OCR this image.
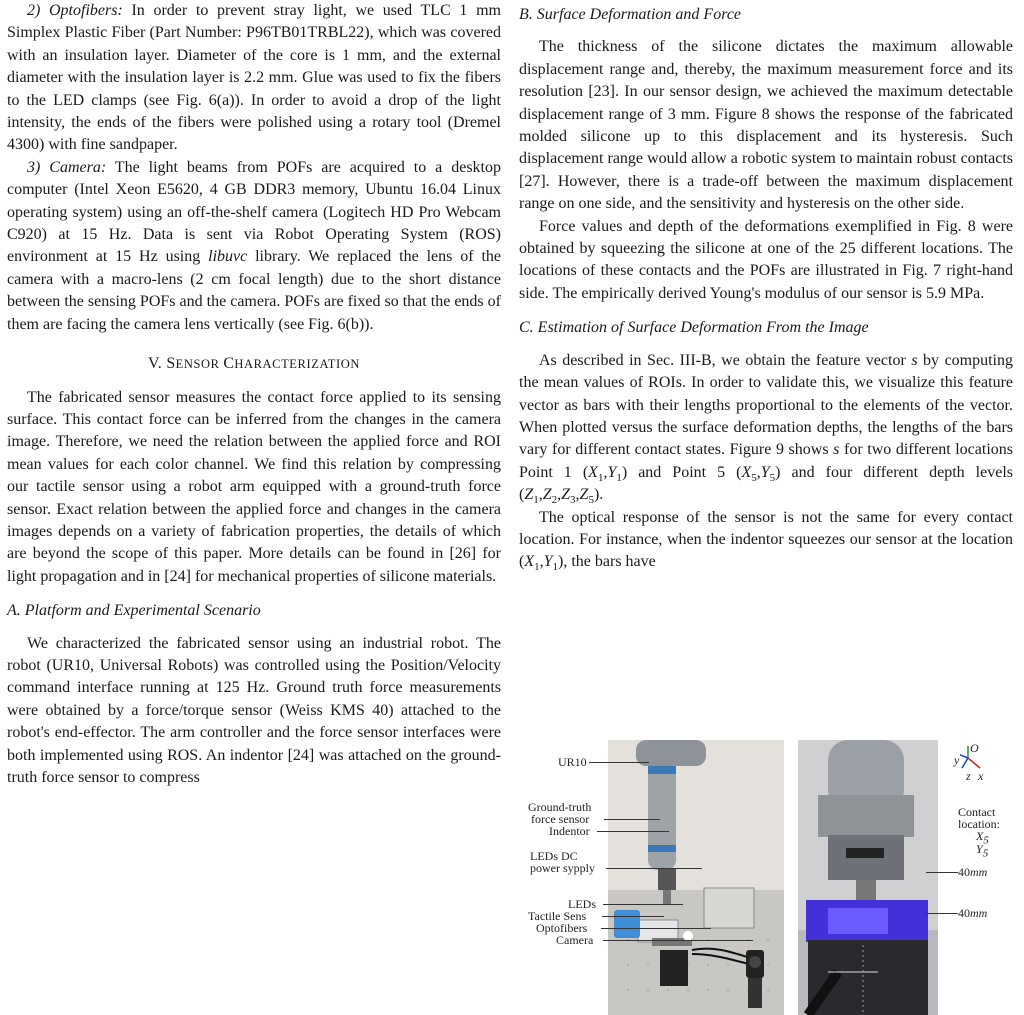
2) Optofibers: In order to prevent stray light, we used TLC 1 mm Simplex Plastic Fiber (Part Number: P96TB01TRBL22), which was covered with an insulation layer. Diameter of the core is 1 mm, and the external diameter with the insulation layer is 2.2 mm. Glue was used to fix the fibers to the LED clamps (see Fig. 6(a)). In order to avoid a drop of the light intensity, the ends of the fibers were polished using a rotary tool (Dremel 4300) with fine sandpaper.

3) Camera: The light beams from POFs are acquired to a desktop computer (Intel Xeon E5620, 4 GB DDR3 memory, Ubuntu 16.04 Linux operating system) using an off-the-shelf camera (Logitech HD Pro Webcam C920) at 15 Hz. Data is sent via Robot Operating System (ROS) environment at 15 Hz using libuvc library. We replaced the lens of the camera with a macro-lens (2 cm focal length) due to the short distance between the sensing POFs and the camera. POFs are fixed so that the ends of them are facing the camera lens vertically (see Fig. 6(b)).

V. SENSOR CHARACTERIZATION

The fabricated sensor measures the contact force applied to its sensing surface. This contact force can be inferred from the changes in the camera image. Therefore, we need the relation between the applied force and ROI mean values for each color channel. We find this relation by compressing our tactile sensor using a robot arm equipped with a ground-truth force sensor. Exact relation between the applied force and changes in the camera images depends on a variety of fabrication properties, the details of which are beyond the scope of this paper. More details can be found in [26] for light propagation and in [24] for mechanical properties of silicone materials.

A. Platform and Experimental Scenario

We characterized the fabricated sensor using an industrial robot. The robot (UR10, Universal Robots) was controlled using the Position/Velocity command interface running at 125 Hz. Ground truth force measurements were obtained by a force/torque sensor (Weiss KMS 40) attached to the robot's end-effector. The arm controller and the force sensor interfaces were both implemented using ROS. An indentor [24] was attached on the ground-truth force sensor to compress

B. Surface Deformation and Force

The thickness of the silicone dictates the maximum allowable displacement range and, thereby, the maximum measurement force and its resolution [23]. In our sensor design, we achieved the maximum detectable displacement range of 3 mm. Figure 8 shows the response of the fabricated molded silicone up to this displacement and its hysteresis. Such displacement range would allow a robotic system to maintain robust contacts [27]. However, there is a trade-off between the maximum displacement range on one side, and the sensitivity and hysteresis on the other side.

Force values and depth of the deformations exemplified in Fig. 8 were obtained by squeezing the silicone at one of the 25 different locations. The locations of these contacts and the POFs are illustrated in Fig. 7 right-hand side. The empirically derived Young's modulus of our sensor is 5.9 MPa.

C. Estimation of Surface Deformation From the Image

As described in Sec. III-B, we obtain the feature vector s by computing the mean values of ROIs. In order to validate this, we visualize this feature vector as bars with their lengths proportional to the elements of the vector. When plotted versus the surface deformation depths, the lengths of the bars vary for different contact states. Figure 9 shows s for two different locations Point 1 $(X_1,Y_1)$ and Point 5 $(X_5,Y_5)$ and four different depth levels $(Z_1,Z_2,Z_3,Z_5)$.

The optical response of the sensor is not the same for every contact location. For instance, when the indentor squeezes our sensor at the location $(X_1,Y_1)$, the bars have

UR10
Ground-truth
force sensor
Indentor
LEDs DC
power sypply
LEDs
Tactile Sens
Optofibers
Camera
O
y
z x
Contact
location:
$X_5$
$Y_5$
40mm
40mm
